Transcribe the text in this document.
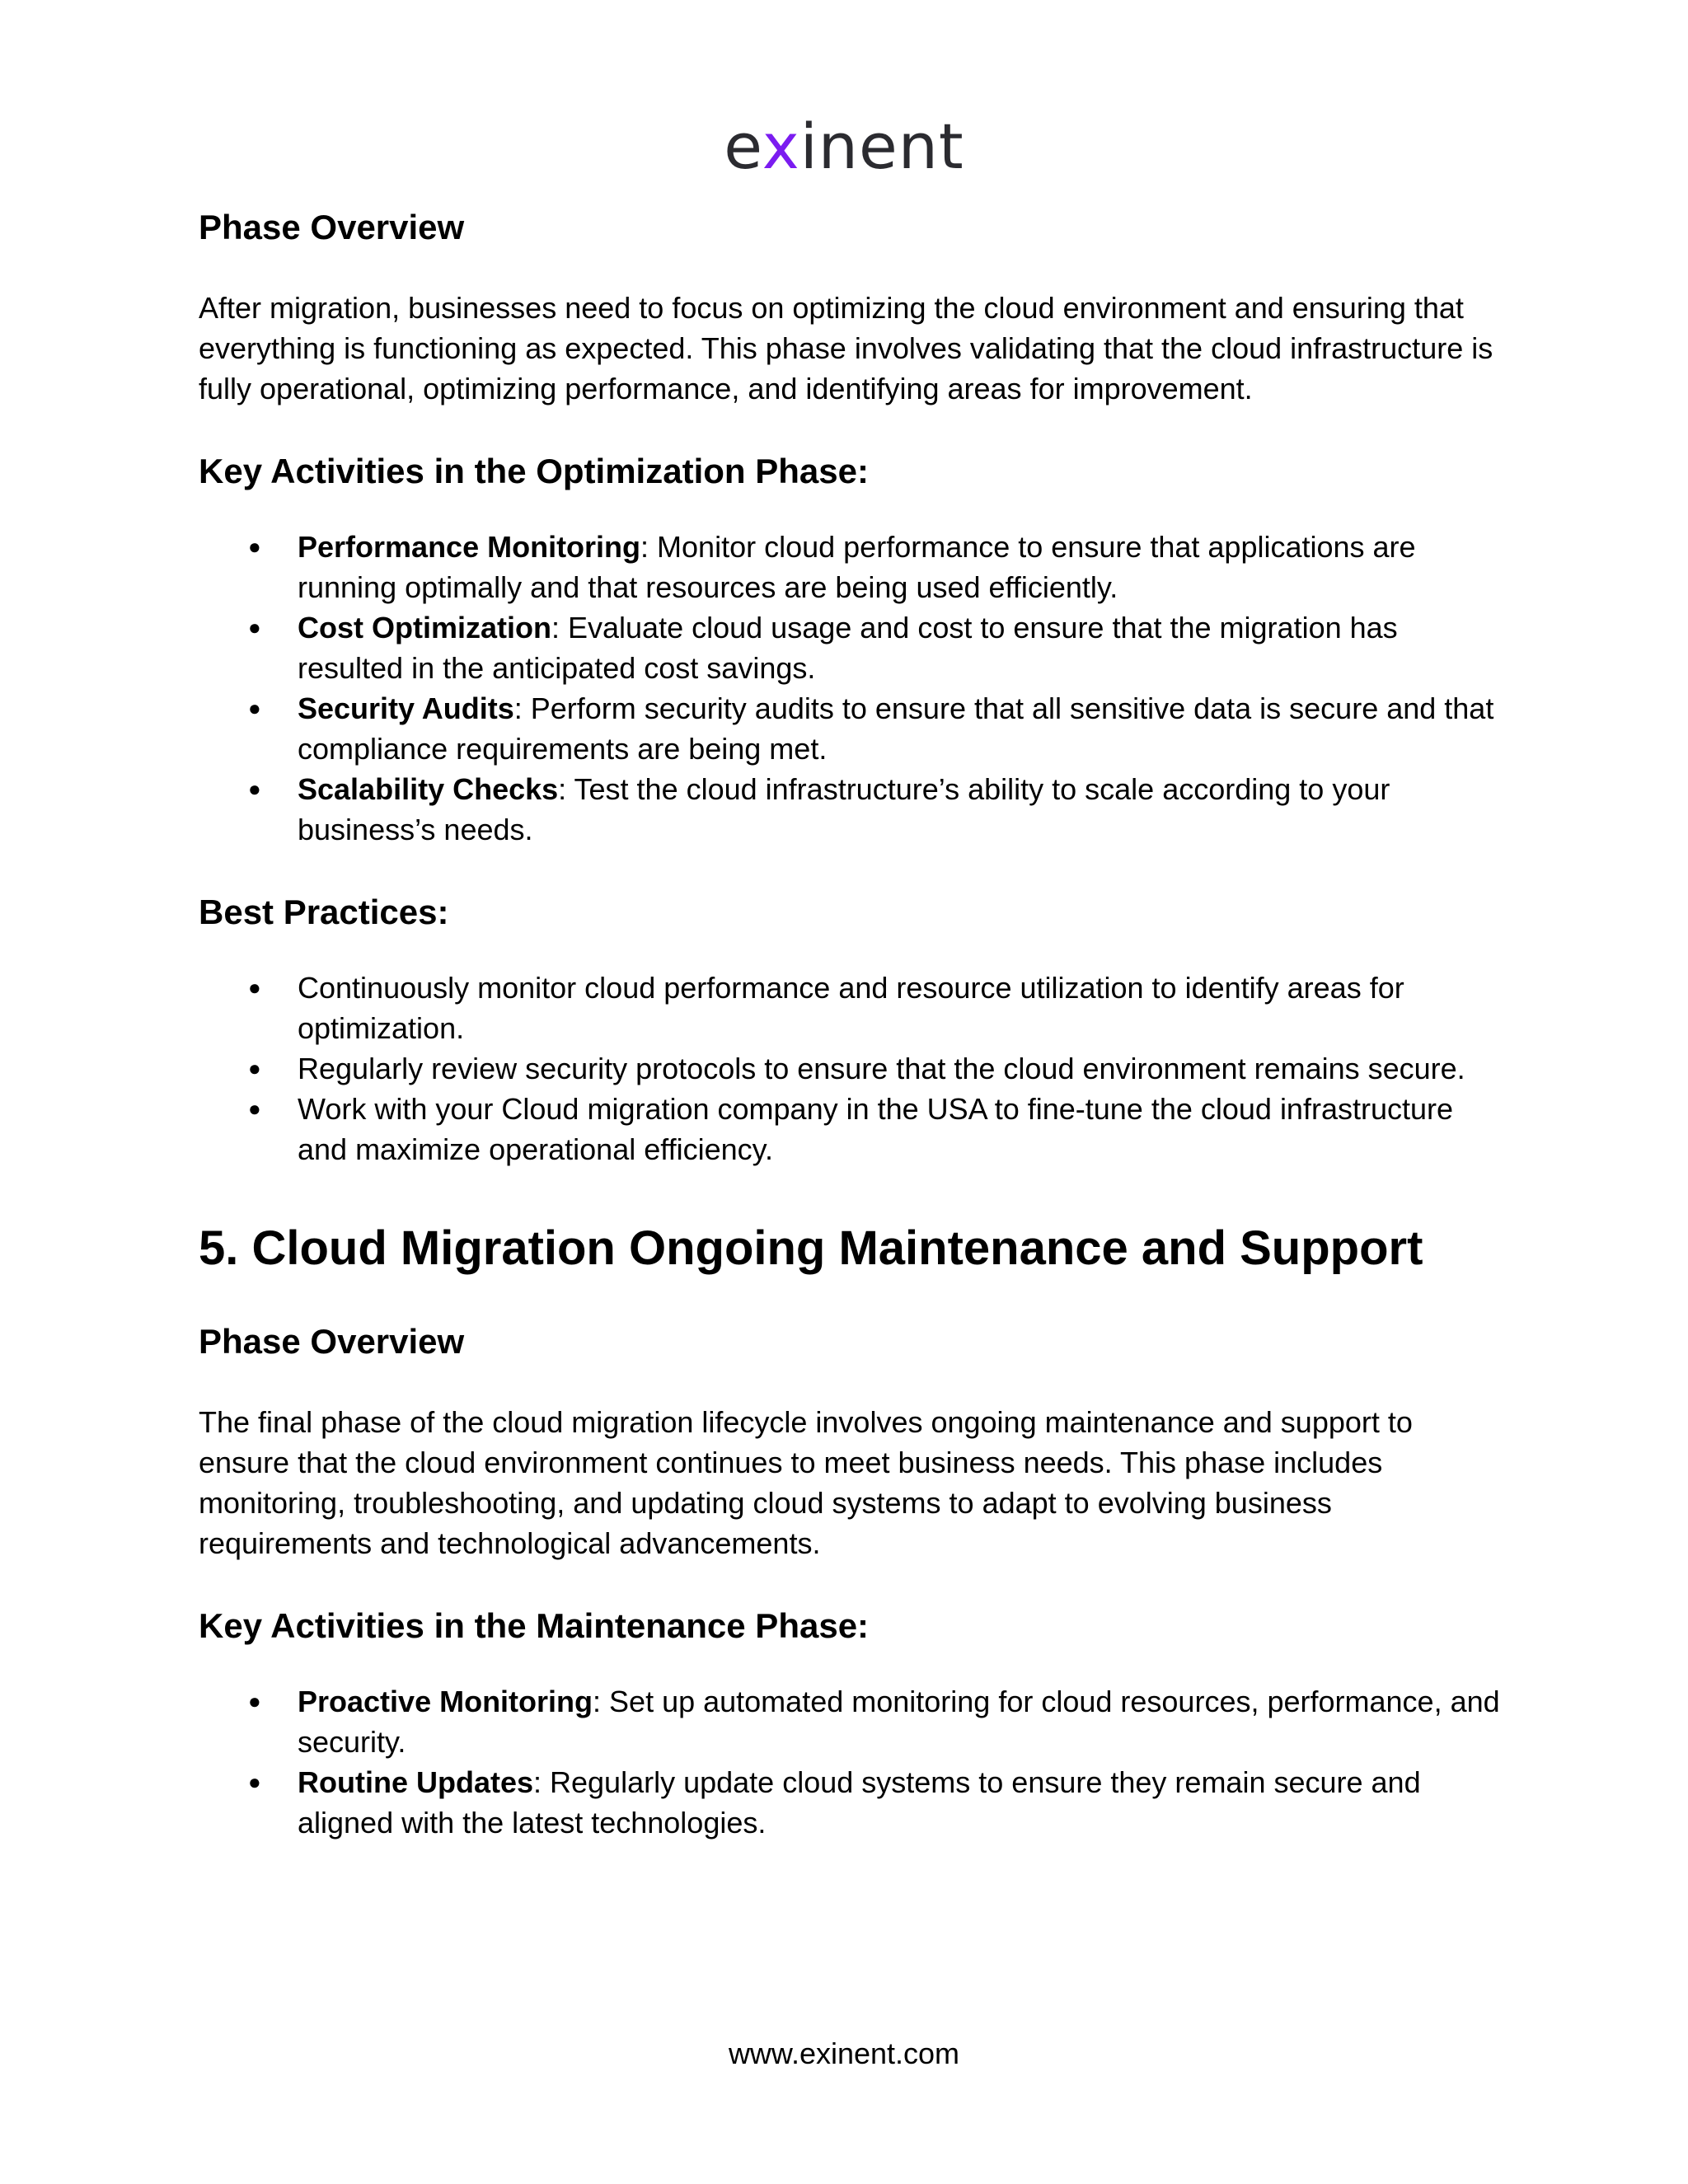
exinent
Phase Overview

After migration, businesses need to focus on optimizing the cloud environment and ensuring that everything is functioning as expected. This phase involves validating that the cloud infrastructure is fully operational, optimizing performance, and identifying areas for improvement.

Key Activities in the Optimization Phase:
● Performance Monitoring: Monitor cloud performance to ensure that applications are running optimally and that resources are being used efficiently.
● Cost Optimization: Evaluate cloud usage and cost to ensure that the migration has resulted in the anticipated cost savings.
● Security Audits: Perform security audits to ensure that all sensitive data is secure and that compliance requirements are being met.
● Scalability Checks: Test the cloud infrastructure’s ability to scale according to your business’s needs.
Best Practices:
● Continuously monitor cloud performance and resource utilization to identify areas for optimization.
● Regularly review security protocols to ensure that the cloud environment remains secure.
● Work with your Cloud migration company in the USA to fine-tune the cloud infrastructure and maximize operational efficiency.
5. Cloud Migration Ongoing Maintenance and Support
Phase Overview

The final phase of the cloud migration lifecycle involves ongoing maintenance and support to ensure that the cloud environment continues to meet business needs. This phase includes monitoring, troubleshooting, and updating cloud systems to adapt to evolving business requirements and technological advancements.

Key Activities in the Maintenance Phase:
● Proactive Monitoring: Set up automated monitoring for cloud resources, performance, and security.
● Routine Updates: Regularly update cloud systems to ensure they remain secure and aligned with the latest technologies.
www.exinent.com
